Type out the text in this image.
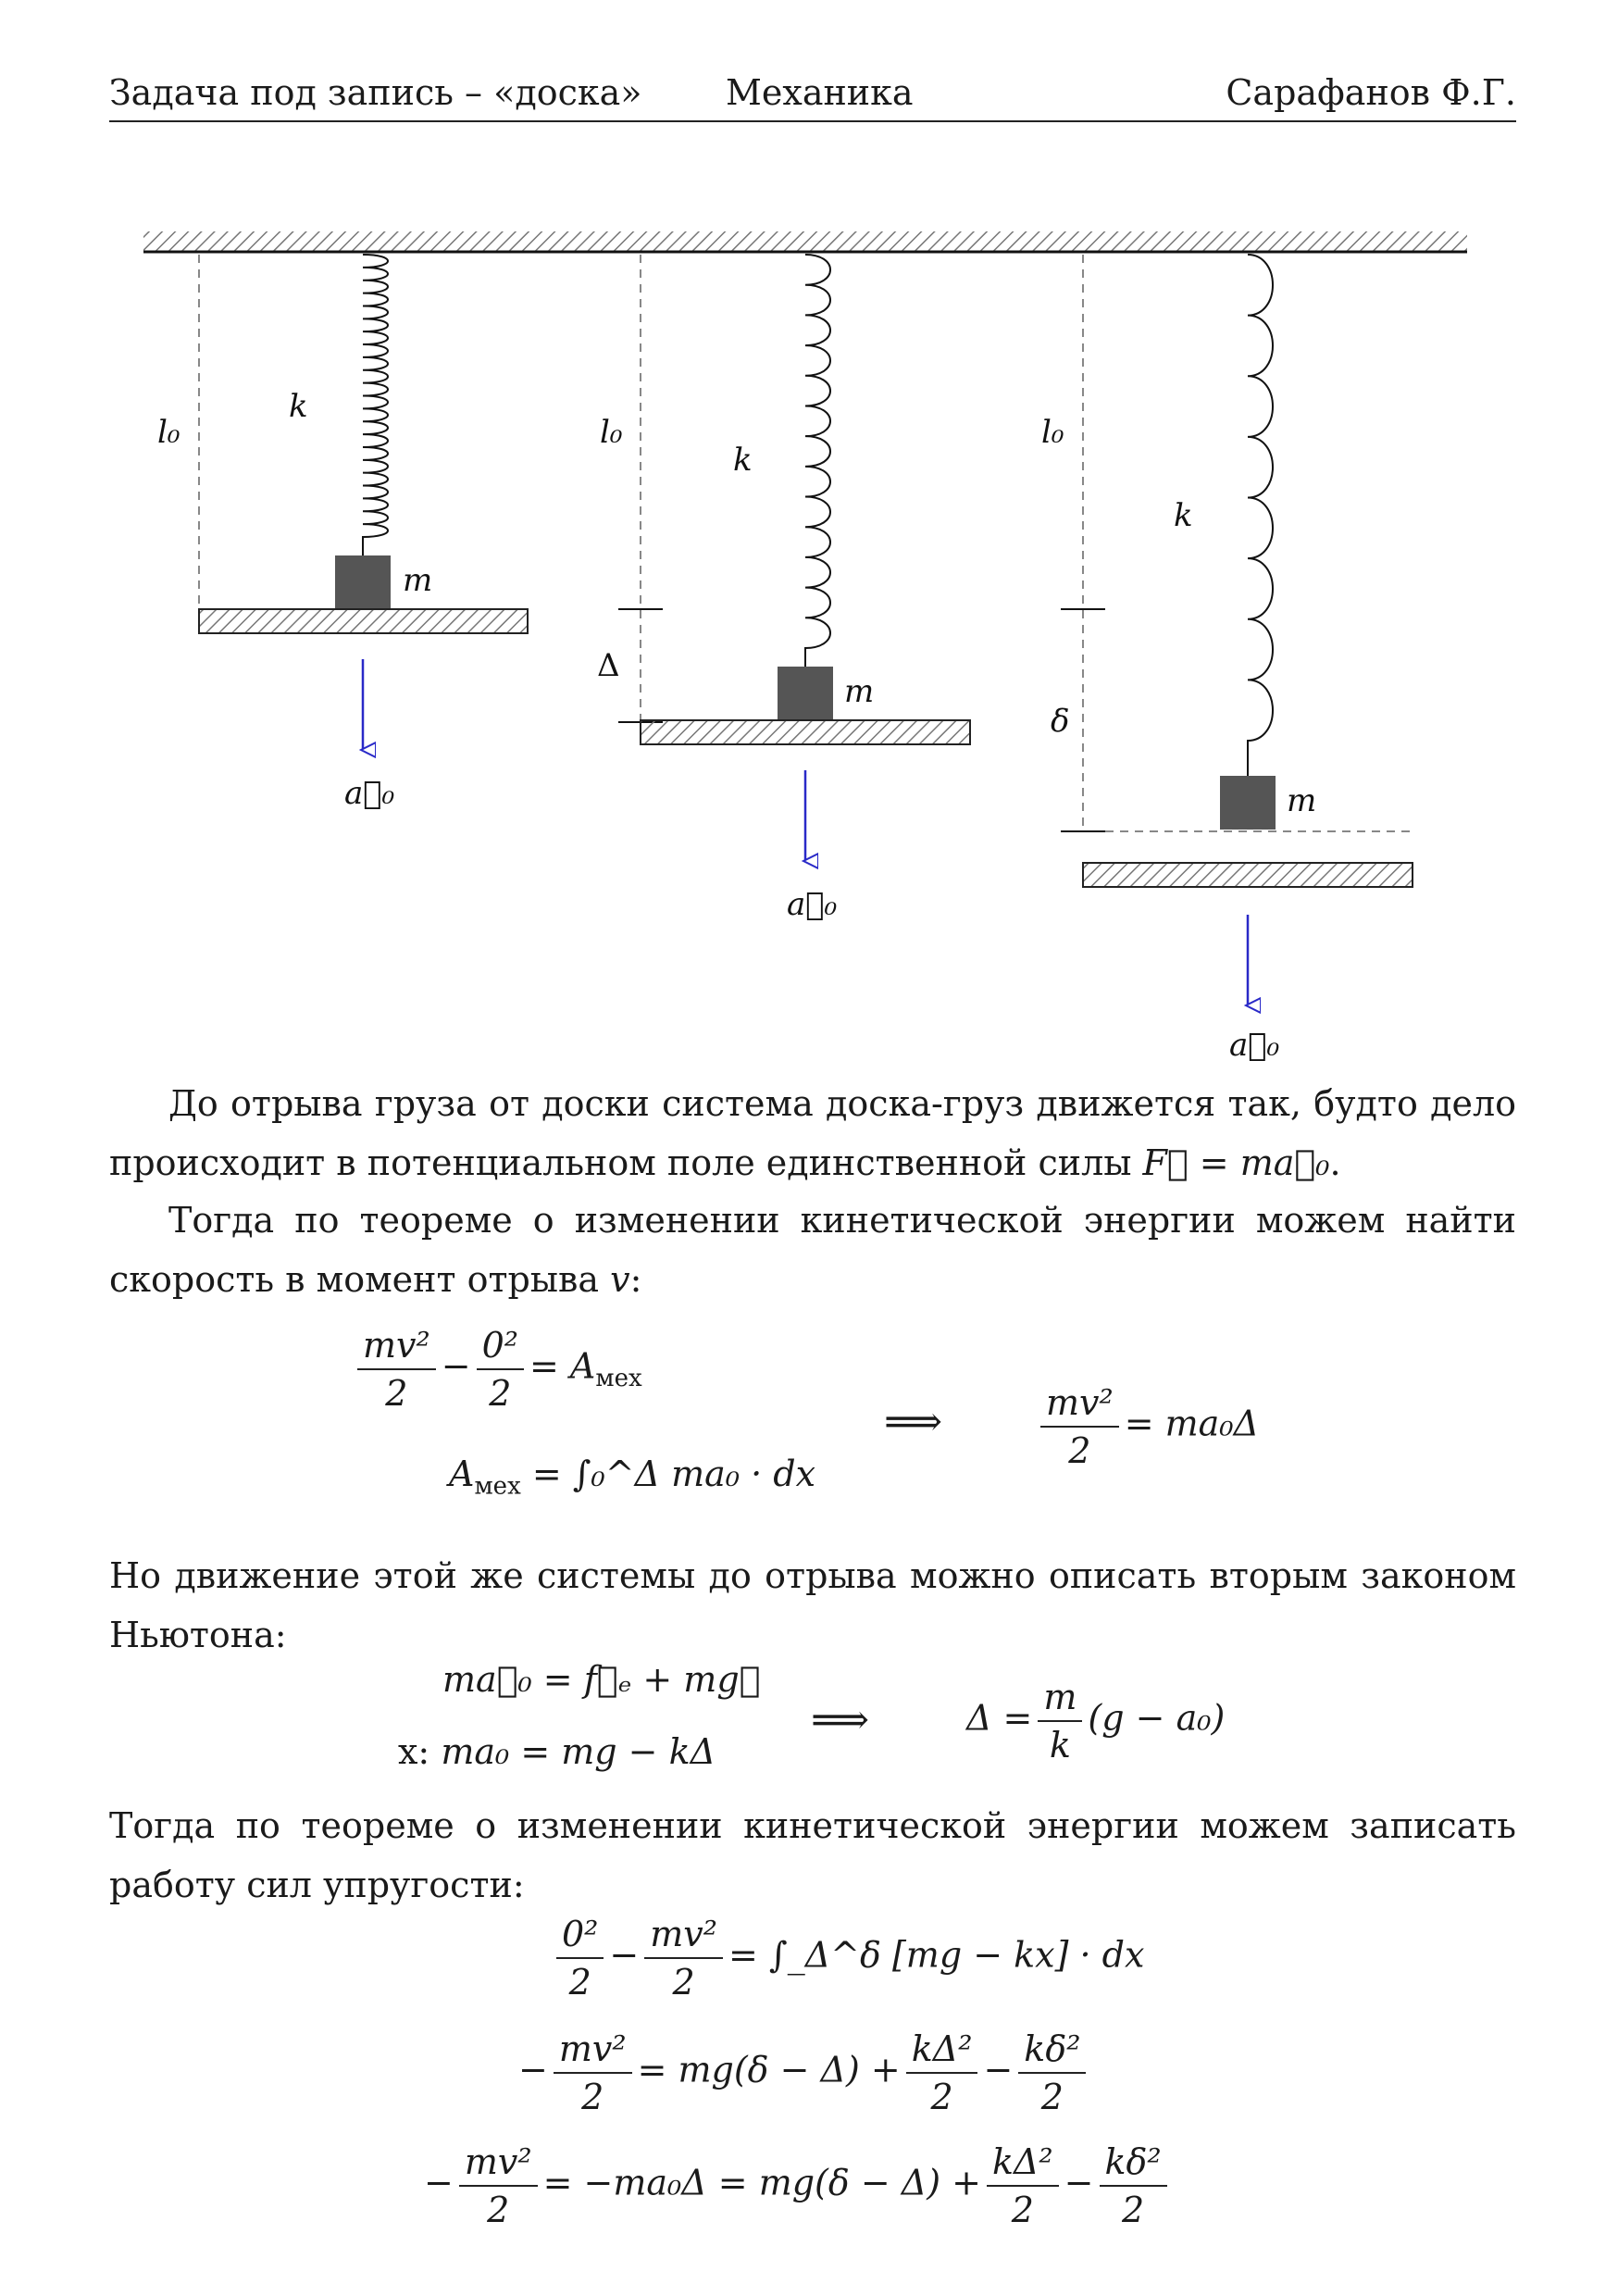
Задача под запись – «доска» Механика	Сарафанов Ф.Г.
l₀
k
m
a⃗₀
l₀
Δ
k
m
a⃗₀
l₀
δ
k
m
a⃗₀
До отрыва груза от доски система доска-груз движется так, будто дело происходит в потенциальном поле единственной силы F⃗ = ma⃗₀.
Тогда по теореме о изменении кинетической энергии можем найти скорость в момент отрыва v:
$\frac{\text{mv²}}{2} - \frac{\text{0²}}{2} = A_{мех}$
$A_{мех}$ = ∫₀^Δ ma₀ · dx
⟹	$\frac{\text{mv²}}{2} = ma_0\Delta$
Но движение этой же системы до отрыва можно описать вторым законом Ньютона:
ma⃗₀ = f⃗ₑ + mg⃗
x: ma₀ = mg − kΔ
⟹	$\Delta = \frac{m}{k} (g - a_0)$
Тогда по теореме о изменении кинетической энергии можем записать работу сил упругости:
$\frac{\text{0²}}{2} - \frac{\text{mv²}}{2}$ = ∫_Δ^δ [mg − kx] · dx
− $\frac{\text{mv²}}{2} = mg(\delta - \Delta) + \frac{\text{kΔ²}}{2} - \frac{\text{kδ²}}{2}$
− $\frac{\text{mv²}}{2} = -ma_0\Delta = mg(\delta - \Delta) + \frac{\text{kΔ²}}{2} - \frac{\text{kδ²}}{2}$
